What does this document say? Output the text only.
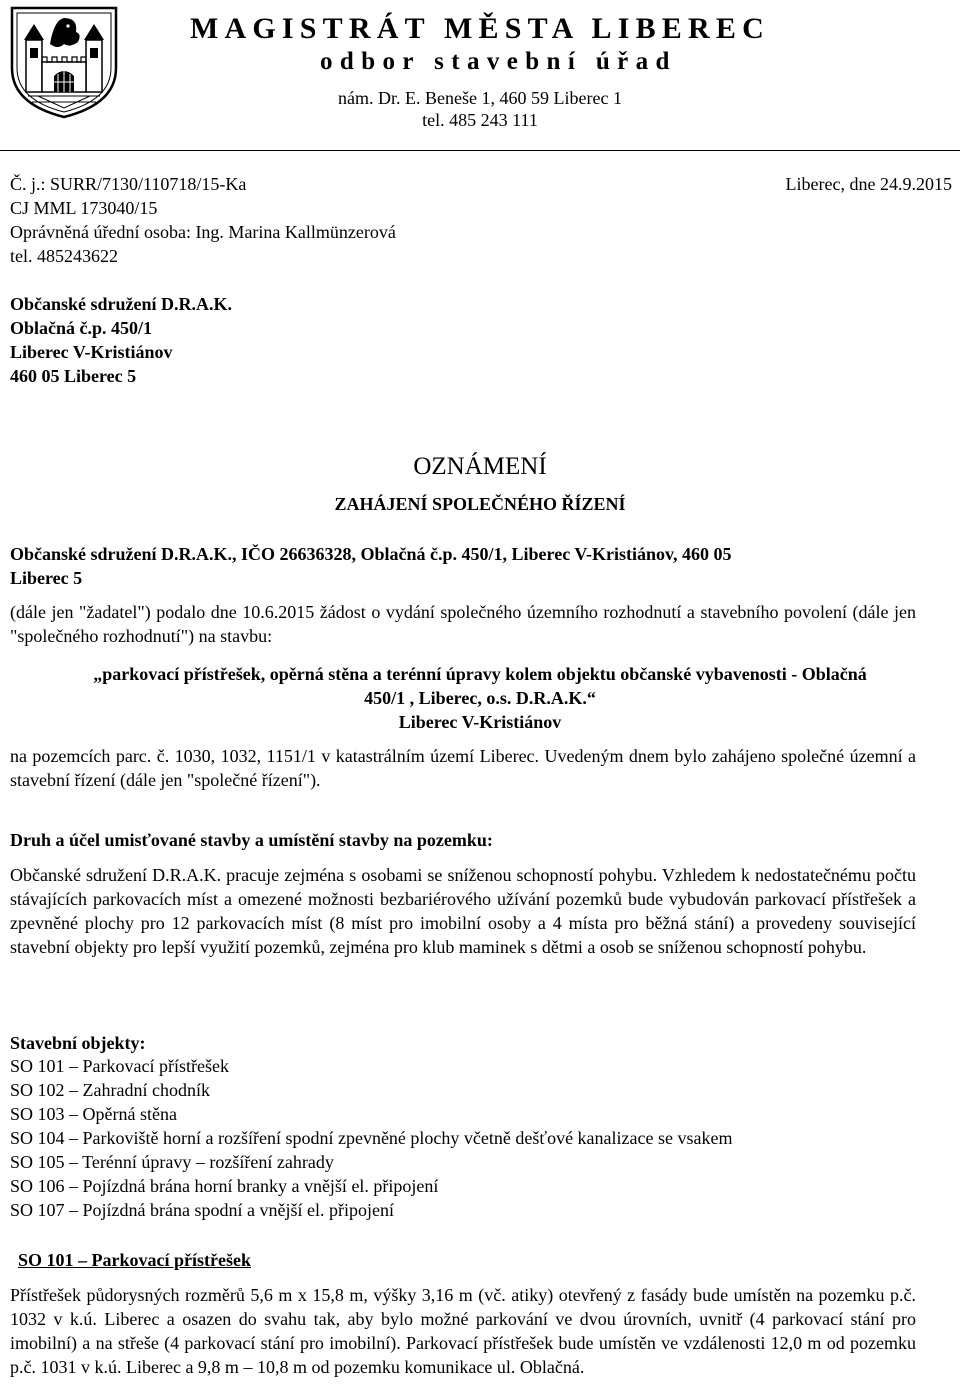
MAGISTRÁT MĚSTA LIBEREC
odbor stavební úřad
nám. Dr. E. Beneše 1, 460 59 Liberec 1
tel. 485 243 111
Č. j.: SURR/7130/110718/15-Ka	Liberec, dne 24.9.2015
CJ MML 173040/15
Oprávněná úřední osoba: Ing. Marina Kallmünzerová
tel. 485243622
Občanské sdružení D.R.A.K.
Oblačná č.p. 450/1
Liberec V-Kristiánov
460 05 Liberec 5
OZNÁMENÍ
ZAHÁJENÍ SPOLEČNÉHO ŘÍZENÍ
Občanské sdružení D.R.A.K., IČO 26636328, Oblačná č.p. 450/1, Liberec V-Kristiánov, 460 05
Liberec 5
(dále jen "žadatel") podalo dne 10.6.2015 žádost o vydání společného územního rozhodnutí a stavebního povolení (dále jen "společného rozhodnutí") na stavbu:
„parkovací přístřešek, opěrná stěna a terénní úpravy kolem objektu občanské vybavenosti - Oblačná
450/1 , Liberec, o.s. D.R.A.K.“
Liberec V-Kristiánov
na pozemcích parc. č. 1030, 1032, 1151/1 v katastrálním území Liberec. Uvedeným dnem bylo zahájeno společné územní a stavební řízení (dále jen "společné řízení").
Druh a účel umisťované stavby a umístění stavby na pozemku:
Občanské sdružení D.R.A.K. pracuje zejména s osobami se sníženou schopností pohybu. Vzhledem k nedostatečnému počtu stávajících parkovacích míst a omezené možnosti bezbariérového užívání pozemků bude vybudován parkovací přístřešek a zpevněné plochy pro 12 parkovacích míst (8 míst pro imobilní osoby a 4 místa pro běžná stání) a provedeny související stavební objekty pro lepší využití pozemků, zejména pro klub maminek s dětmi a osob se sníženou schopností pohybu.
Stavební objekty:
SO 101 – Parkovací přístřešek
SO 102 – Zahradní chodník
SO 103 – Opěrná stěna
SO 104 – Parkoviště horní a rozšíření spodní zpevněné plochy včetně dešťové kanalizace se vsakem
SO 105 – Terénní úpravy – rozšíření zahrady
SO 106 – Pojízdná brána horní branky a vnější el. připojení
SO 107 – Pojízdná brána spodní a vnější el. připojení
SO 101 – Parkovací přístřešek
Přístřešek půdorysných rozměrů 5,6 m x 15,8 m, výšky 3,16 m (vč. atiky) otevřený z fasády bude umístěn na pozemku p.č. 1032 v k.ú. Liberec a osazen do svahu tak, aby bylo možné parkování ve dvou úrovních, uvnitř (4 parkovací stání pro imobilní) a na střeše (4 parkovací stání pro imobilní). Parkovací přístřešek bude umístěn ve vzdálenosti 12,0 m od pozemku p.č. 1031 v k.ú. Liberec a 9,8 m – 10,8 m od pozemku komunikace ul. Oblačná.
